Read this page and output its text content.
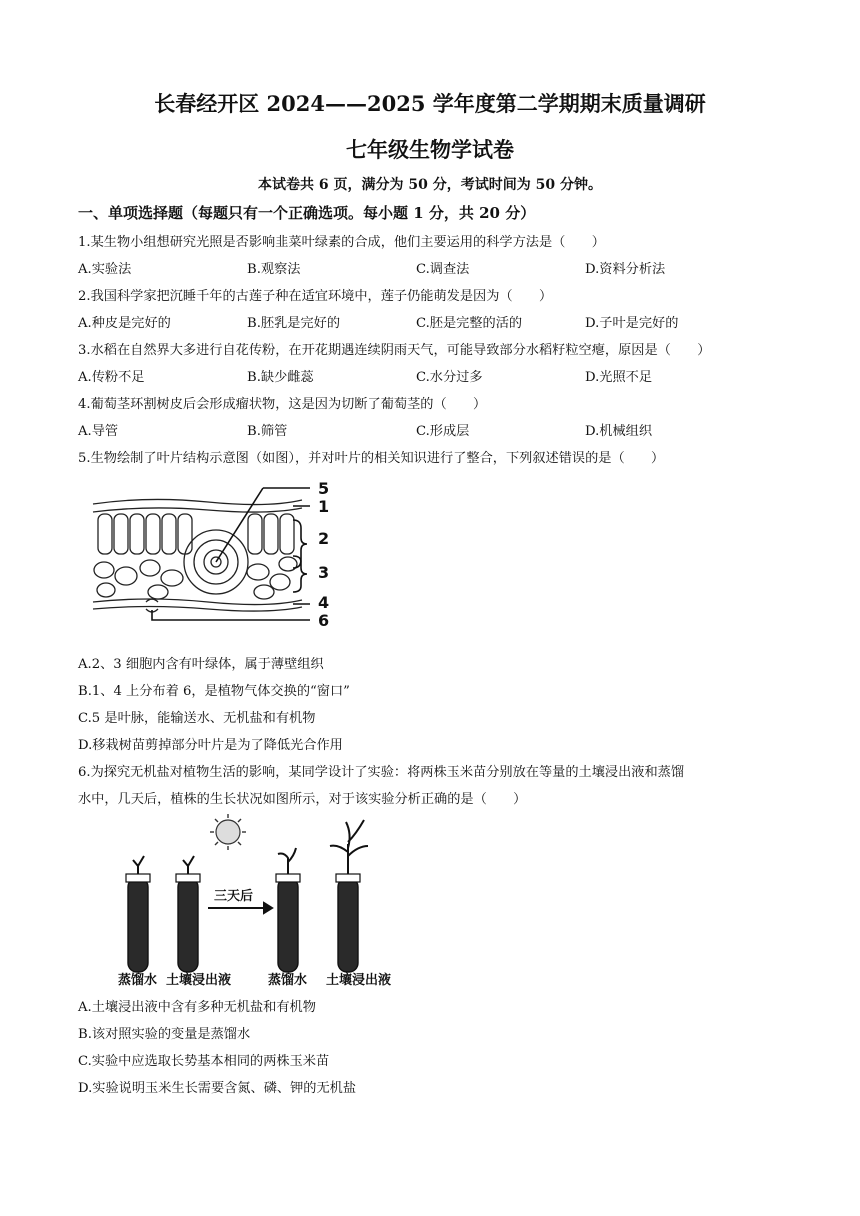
长春经开区 2024——2025 学年度第二学期期末质量调研
七年级生物学试卷
本试卷共 6 页，满分为 50 分，考试时间为 50 分钟。
一、单项选择题（每题只有一个正确选项。每小题 1 分，共 20 分）
1.某生物小组想研究光照是否影响韭菜叶绿素的合成，他们主要运用的科学方法是（　　）
A.实验法	B.观察法	C.调查法	D.资料分析法
2.我国科学家把沉睡千年的古莲子种在适宜环境中，莲子仍能萌发是因为（　　）
A.种皮是完好的	B.胚乳是完好的	C.胚是完整的活的	D.子叶是完好的
3.水稻在自然界大多进行自花传粉，在开花期遇连续阴雨天气，可能导致部分水稻籽粒空瘪，原因是（　　）
A.传粉不足	B.缺少雌蕊	C.水分过多	D.光照不足
4.葡萄茎环割树皮后会形成瘤状物，这是因为切断了葡萄茎的（　　）
A.导管	B.筛管	C.形成层	D.机械组织
5.生物绘制了叶片结构示意图（如图），并对叶片的相关知识进行了整合，下列叙述错误的是（　　）
5
1
2
3
4
6
A.2、3 细胞内含有叶绿体，属于薄壁组织
B.1、4 上分布着 6，是植物气体交换的“窗口”
C.5 是叶脉，能输送水、无机盐和有机物
D.移栽树苗剪掉部分叶片是为了降低光合作用
6.为探究无机盐对植物生活的影响，某同学设计了实验：将两株玉米苗分别放在等量的土壤浸出液和蒸馏
水中，几天后，植株的生长状况如图所示，对于该实验分析正确的是（　　）
三天后
蒸馏水 土壤浸出液	蒸馏水 土壤浸出液
A.土壤浸出液中含有多种无机盐和有机物
B.该对照实验的变量是蒸馏水
C.实验中应选取长势基本相同的两株玉米苗
D.实验说明玉米生长需要含氮、磷、钾的无机盐
